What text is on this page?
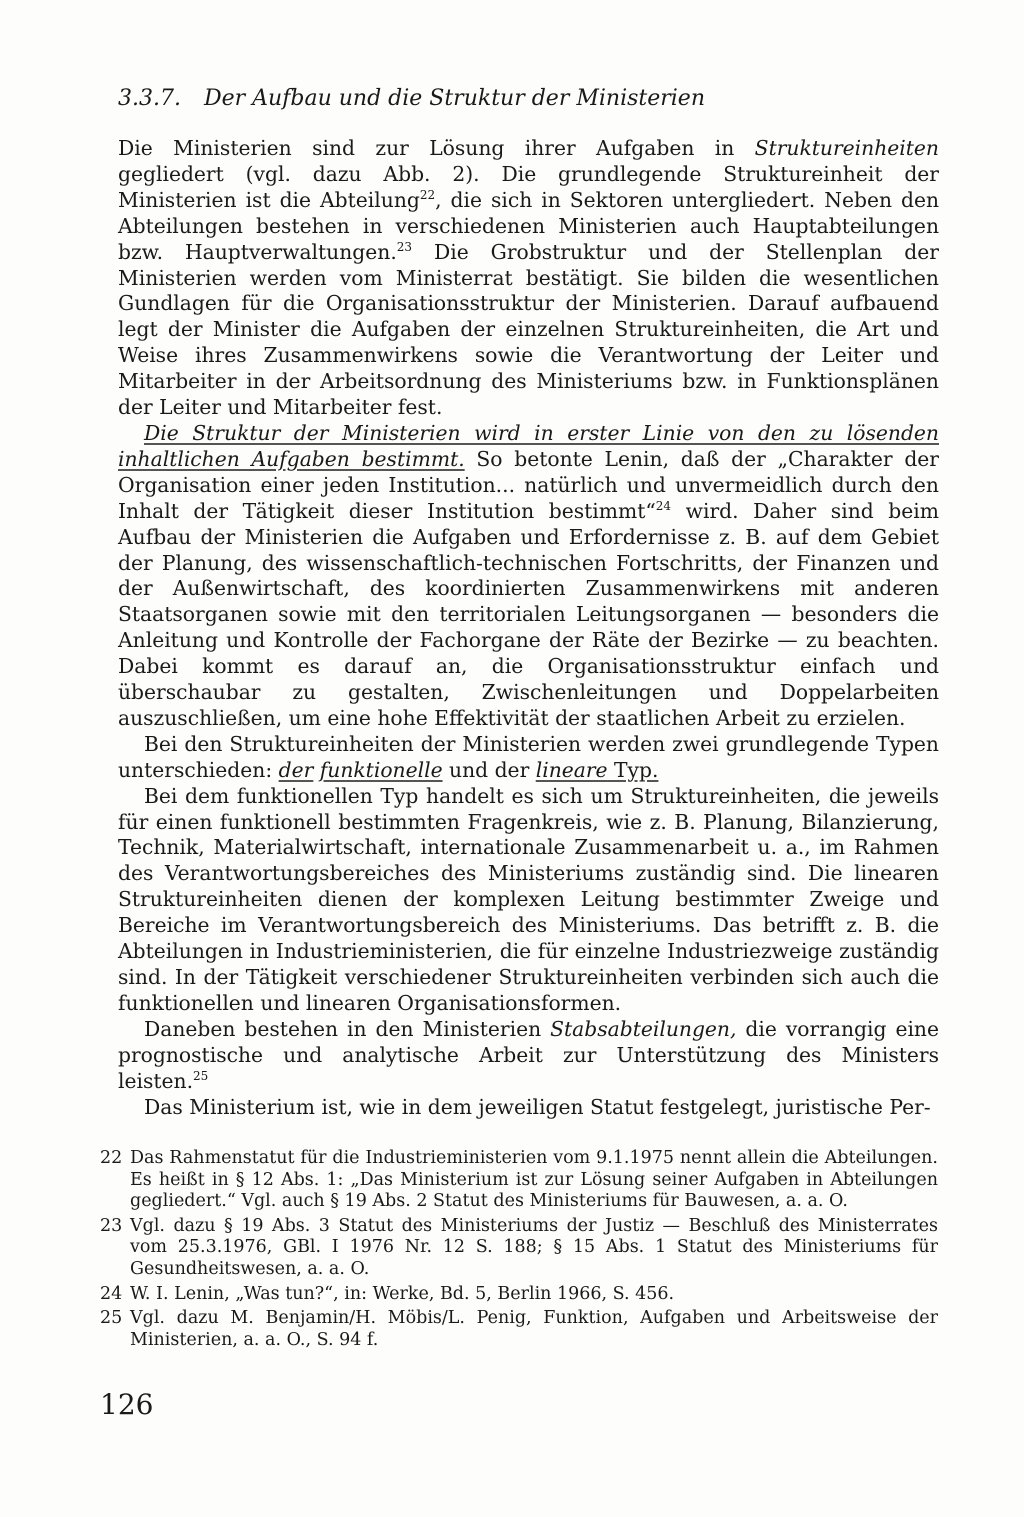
3.3.7. Der Aufbau und die Struktur der Ministerien

Die Ministerien sind zur Lösung ihrer Aufgaben in Struktureinheiten gegliedert (vgl. dazu Abb. 2). Die grundlegende Struktureinheit der Ministerien ist die Abteilung$^{22}$, die sich in Sektoren untergliedert. Neben den Abteilungen bestehen in verschiedenen Ministerien auch Hauptabteilungen bzw. Hauptverwaltungen.$^{23}$ Die Grobstruktur und der Stellenplan der Ministerien werden vom Ministerrat bestätigt. Sie bilden die wesentlichen Gundlagen für die Organisationsstruktur der Ministerien. Darauf aufbauend legt der Minister die Aufgaben der einzelnen Struktureinheiten, die Art und Weise ihres Zusammenwirkens sowie die Verantwortung der Leiter und Mitarbeiter in der Arbeitsordnung des Ministeriums bzw. in Funktionsplänen der Leiter und Mitarbeiter fest.

Die Struktur der Ministerien wird in erster Linie von den zu lösenden inhaltlichen Aufgaben bestimmt. So betonte Lenin, daß der „Charakter der Organisation einer jeden Institution... natürlich und unvermeidlich durch den Inhalt der Tätigkeit dieser Institution bestimmt“$^{24}$ wird. Daher sind beim Aufbau der Ministerien die Aufgaben und Erfordernisse z. B. auf dem Gebiet der Planung, des wissenschaftlich-technischen Fortschritts, der Finanzen und der Außenwirtschaft, des koordinierten Zusammenwirkens mit anderen Staatsorganen sowie mit den territorialen Leitungsorganen — besonders die Anleitung und Kontrolle der Fachorgane der Räte der Bezirke — zu beachten. Dabei kommt es darauf an, die Organisationsstruktur einfach und überschaubar zu gestalten, Zwischenleitungen und Doppelarbeiten auszuschließen, um eine hohe Effektivität der staatlichen Arbeit zu erzielen.

Bei den Struktureinheiten der Ministerien werden zwei grundlegende Typen unterschieden: der funktionelle und der lineare Typ.

Bei dem funktionellen Typ handelt es sich um Struktureinheiten, die jeweils für einen funktionell bestimmten Fragenkreis, wie z. B. Planung, Bilanzierung, Technik, Materialwirtschaft, internationale Zusammenarbeit u. a., im Rahmen des Verantwortungsbereiches des Ministeriums zuständig sind. Die linearen Struktureinheiten dienen der komplexen Leitung bestimmter Zweige und Bereiche im Verantwortungsbereich des Ministeriums. Das betrifft z. B. die Abteilungen in Industrieministerien, die für einzelne Industriezweige zuständig sind. In der Tätigkeit verschiedener Struktureinheiten verbinden sich auch die funktionellen und linearen Organisationsformen.

Daneben bestehen in den Ministerien Stabsabteilungen, die vorrangig eine prognostische und analytische Arbeit zur Unterstützung des Ministers leisten.$^{25}$

Das Ministerium ist, wie in dem jeweiligen Statut festgelegt, juristische Per-

22 Das Rahmenstatut für die Industrieministerien vom 9.1.1975 nennt allein die Abteilungen. Es heißt in § 12 Abs. 1: „Das Ministerium ist zur Lösung seiner Aufgaben in Abteilungen gegliedert.“ Vgl. auch § 19 Abs. 2 Statut des Ministeriums für Bauwesen, a. a. O.
23 Vgl. dazu § 19 Abs. 3 Statut des Ministeriums der Justiz — Beschluß des Ministerrates vom 25.3.1976, GBl. I 1976 Nr. 12 S. 188; § 15 Abs. 1 Statut des Ministeriums für Gesundheitswesen, a. a. O.
24 W. I. Lenin, „Was tun?“, in: Werke, Bd. 5, Berlin 1966, S. 456.
25 Vgl. dazu M. Benjamin/H. Möbis/L. Penig, Funktion, Aufgaben und Arbeitsweise der Ministerien, a. a. O., S. 94 f.
126
